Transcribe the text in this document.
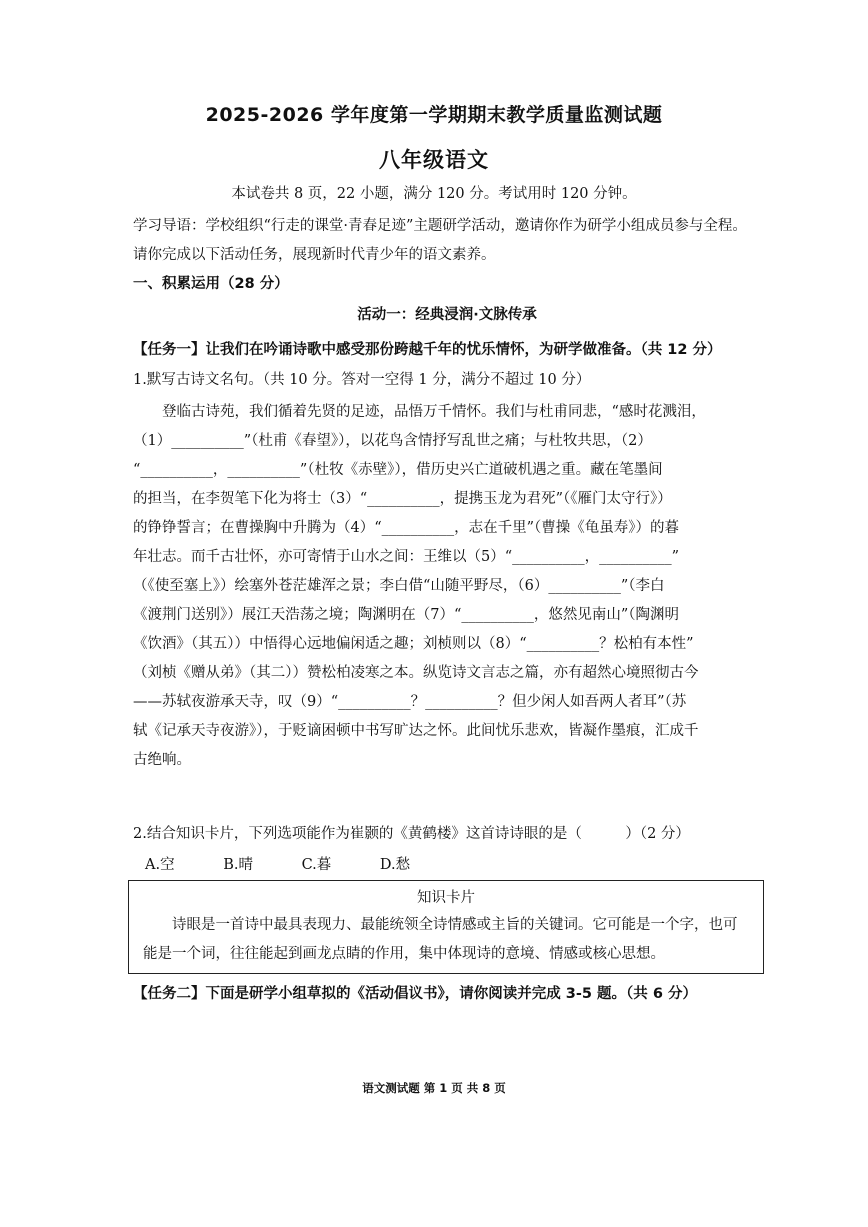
2025-2026 学年度第一学期期末教学质量监测试题
八年级语文
本试卷共 8 页，22 小题，满分 120 分。考试用时 120 分钟。
学习导语：学校组织“行走的课堂·青春足迹”主题研学活动，邀请你作为研学小组成员参与全程。请你完成以下活动任务，展现新时代青少年的语文素养。
一、积累运用（28 分）
活动一：经典浸润·文脉传承
【任务一】让我们在吟诵诗歌中感受那份跨越千年的忧乐情怀，为研学做准备。（共 12 分）
1.默写古诗文名句。（共 10 分。答对一空得 1 分，满分不超过 10 分）
登临古诗苑，我们循着先贤的足迹，品悟万千情怀。我们与杜甫同悲，“感时花溅泪，
（1）__________”（杜甫《春望》），以花鸟含情抒写乱世之痛；与杜牧共思，（2）
“__________，__________”（杜牧《赤壁》），借历史兴亡道破机遇之重。藏在笔墨间
的担当，在李贺笔下化为将士（3）“__________，提携玉龙为君死”（《雁门太守行》）
的铮铮誓言；在曹操胸中升腾为（4）“__________，志在千里”（曹操《龟虽寿》）的暮
年壮志。而千古壮怀，亦可寄情于山水之间：王维以（5）“__________，__________”
（《使至塞上》）绘塞外苍茫雄浑之景；李白借“山随平野尽，（6）__________”（李白
《渡荆门送别》）展江天浩荡之境；陶渊明在（7）“__________，悠然见南山”（陶渊明
《饮酒》（其五））中悟得心远地偏闲适之趣；刘桢则以（8）“__________？松柏有本性”
（刘桢《赠从弟》（其二））赞松柏凌寒之本。纵览诗文言志之篇，亦有超然心境照彻古今
——苏轼夜游承天寺，叹（9）“__________？__________？但少闲人如吾两人者耳”（苏
轼《记承天寺夜游》），于贬谪困顿中书写旷达之怀。此间忧乐悲欢，皆凝作墨痕，汇成千
古绝响。
2.结合知识卡片，下列选项能作为崔颢的《黄鹤楼》这首诗诗眼的是（　　　）（2 分）
A.空	B.晴	C.暮	D.愁
知识卡片
诗眼是一首诗中最具表现力、最能统领全诗情感或主旨的关键词。它可能是一个字，也可能是一个词，往往能起到画龙点睛的作用，集中体现诗的意境、情感或核心思想。
【任务二】下面是研学小组草拟的《活动倡议书》，请你阅读并完成 3-5 题。（共 6 分）
语文测试题 第 1 页 共 8 页
